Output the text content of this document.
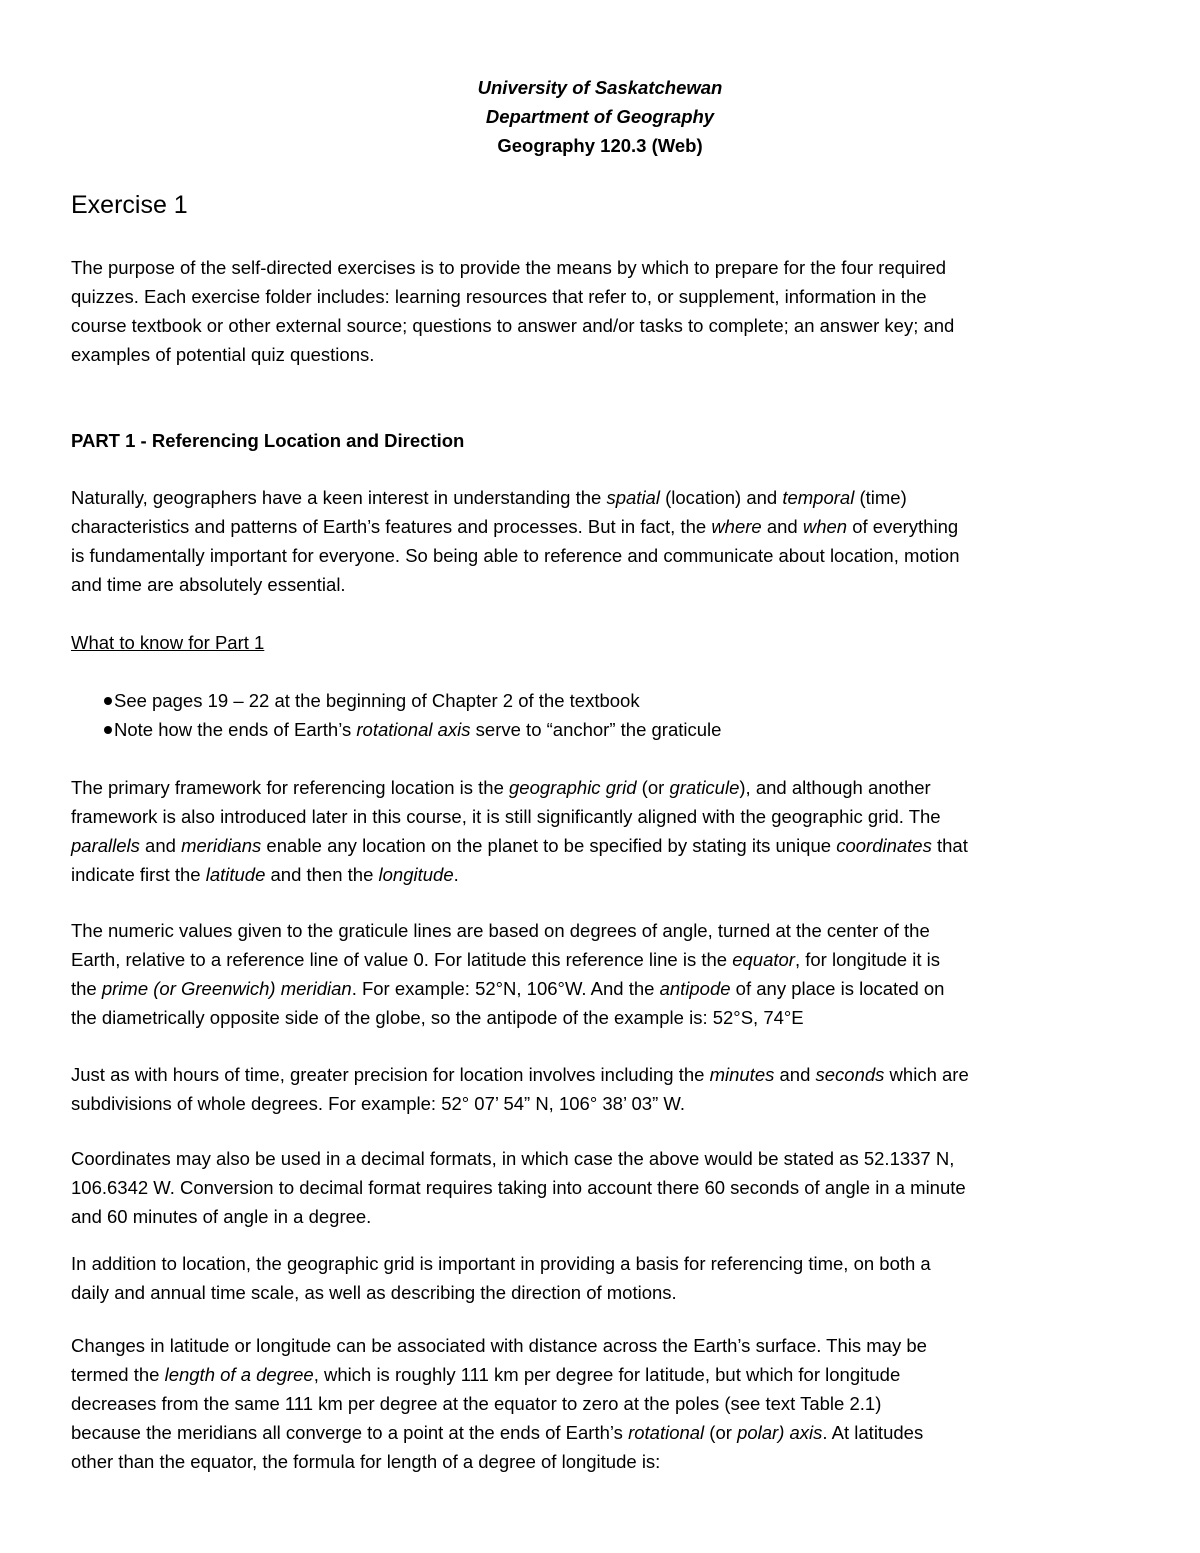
University of Saskatchewan
Department of Geography
Geography 120.3 (Web)
Exercise 1
The purpose of the self-directed exercises is to provide the means by which to prepare for the four required
quizzes. Each exercise folder includes: learning resources that refer to, or supplement, information in the
course textbook or other external source; questions to answer and/or tasks to complete; an answer key; and
examples of potential quiz questions.
PART 1 - Referencing Location and Direction
Naturally, geographers have a keen interest in understanding the spatial (location) and temporal (time)
characteristics and patterns of Earth’s features and processes. But in fact, the where and when of everything
is fundamentally important for everyone. So being able to reference and communicate about location, motion
and time are absolutely essential.
What to know for Part 1
See pages 19 – 22 at the beginning of Chapter 2 of the textbook
Note how the ends of Earth’s rotational axis serve to “anchor” the graticule
The primary framework for referencing location is the geographic grid (or graticule), and although another
framework is also introduced later in this course, it is still significantly aligned with the geographic grid. The
parallels and meridians enable any location on the planet to be specified by stating its unique coordinates that
indicate first the latitude and then the longitude.
The numeric values given to the graticule lines are based on degrees of angle, turned at the center of the
Earth, relative to a reference line of value 0. For latitude this reference line is the equator, for longitude it is
the prime (or Greenwich) meridian. For example: 52°N, 106°W. And the antipode of any place is located on
the diametrically opposite side of the globe, so the antipode of the example is: 52°S, 74°E
Just as with hours of time, greater precision for location involves including the minutes and seconds which are
subdivisions of whole degrees. For example: 52° 07’ 54” N, 106° 38’ 03” W.
Coordinates may also be used in a decimal formats, in which case the above would be stated as 52.1337 N,
106.6342 W. Conversion to decimal format requires taking into account there 60 seconds of angle in a minute
and 60 minutes of angle in a degree.
In addition to location, the geographic grid is important in providing a basis for referencing time, on both a
daily and annual time scale, as well as describing the direction of motions.
Changes in latitude or longitude can be associated with distance across the Earth’s surface. This may be
termed the length of a degree, which is roughly 111 km per degree for latitude, but which for longitude
decreases from the same 111 km per degree at the equator to zero at the poles (see text Table 2.1)
because the meridians all converge to a point at the ends of Earth’s rotational (or polar) axis. At latitudes
other than the equator, the formula for length of a degree of longitude is:
